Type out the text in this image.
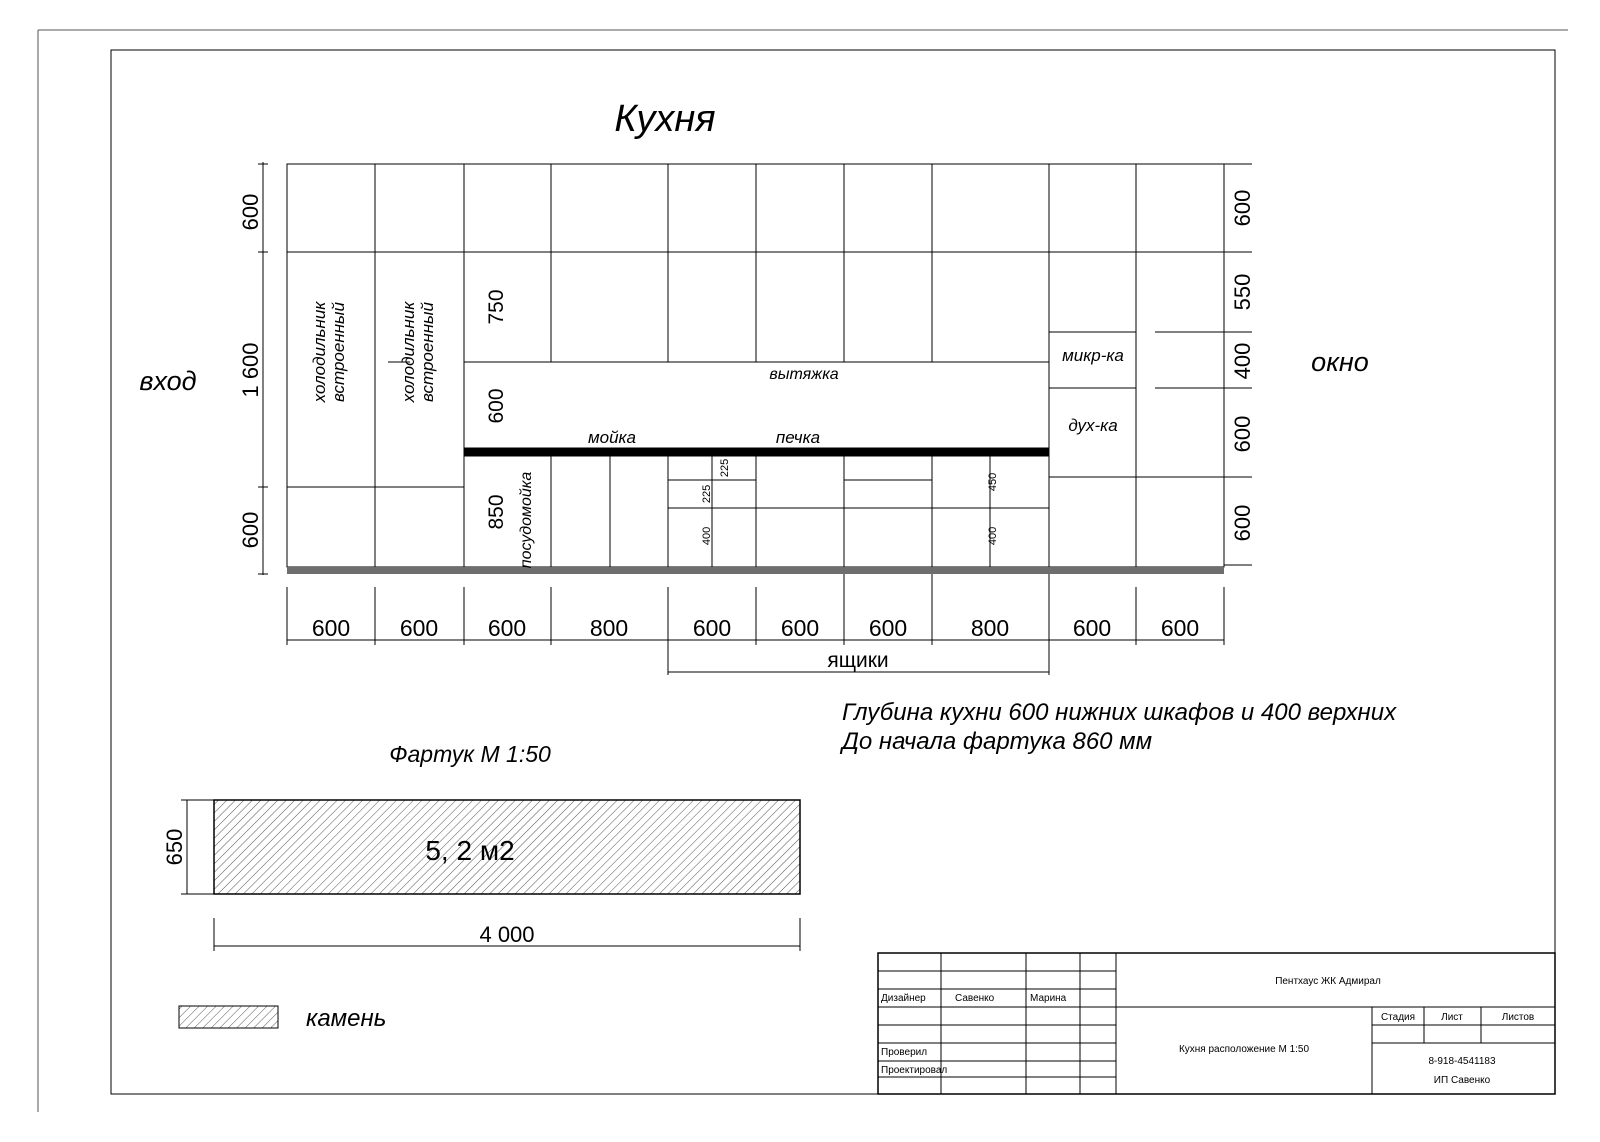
Кухня
вход
окно
холодильник встроенный	холодильник встроенный 750
600
850 посудомойка
225
225
400
450
400
вытяжка
мойка	печка
микр-ка
дух-ка
600
1 600
600
600
550
400
600
600
600 600 600	800	600 600 600	800	600 600
ящики
Глубина кухни 600 нижних шкафов и 400 верхних
До начала фартука 860 мм
Фартук М 1:50
5, 2 м2
650
4 000
камень
Пентхаус ЖК Адмирал
Кухня расположение М 1:50
Дизайнер	Савенко	Марина
Проверил
Проектировал
Стадия	Лист	Листов
8-918-4541183
ИП Савенко
